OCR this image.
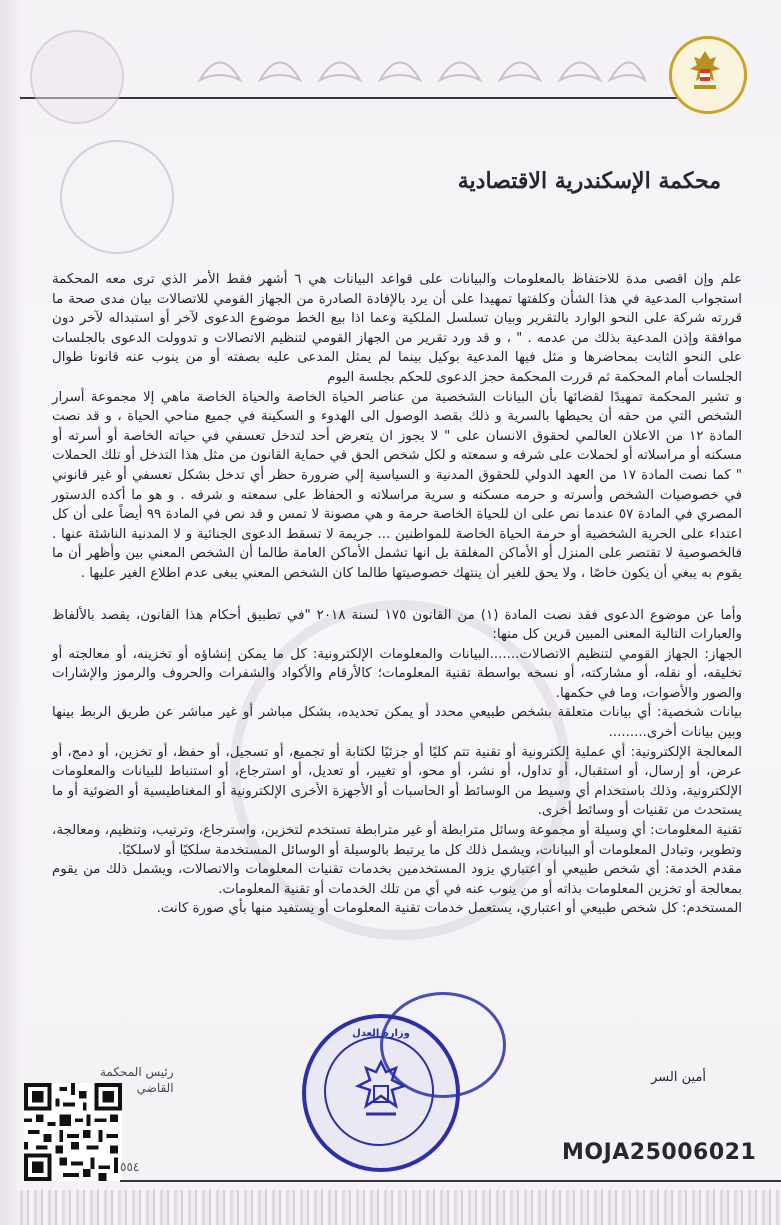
محكمة الإسكندرية الاقتصادية

علم وإن اقصى مدة للاحتفاظ بالمعلومات والبيانات على قواعد البيانات هي ٦ أشهر فقط الأمر الذي ترى معه المحكمة استجواب المدعية في هذا الشأن وكلفتها تمهيدا على أن يرد بالإفادة الصادرة من الجهاز القومي للاتصالات بيان مدى صحة ما قررته شركة على النحو الوارد بالتقرير وبيان تسلسل الملكية وعما اذا بيع الخط موضوع الدعوى لآخر أو استبداله لآخر دون موافقة وإذن المدعية بذلك من عدمه . " ، و قد ورد تقرير من الجهاز القومي لتنظيم الاتصالات و تدوولت الدعوى بالجلسات على النحو الثابت بمحاضرها و مثل فيها المدعية بوكيل بينما لم يمثل المدعى عليه بصفته أو من ينوب عنه قانونا طوال الجلسات أمام المحكمة ثم قررت المحكمة حجز الدعوى للحكم بجلسة اليوم

و تشير المحكمة تمهيدًا لقضائها بأن البيانات الشخصية من عناصر الحياة الخاصة والحياة الخاصة ماهي إلا مجموعة أسرار الشخص التي من حقه أن يحيطها بالسرية و ذلك بقصد الوصول الى الهدوء و السكينة في جميع مناحي الحياة ، و قد نصت المادة ١٢ من الاعلان العالمي لحقوق الانسان على " لا يجوز ان يتعرض أحد لتدخل تعسفي في حياته الخاصة أو أسرته أو مسكنه أو مراسلاته أو لحملات على شرفه و سمعته و لكل شخص الحق في حماية القانون من مثل هذا التدخل أو تلك الحملات " كما نصت المادة ١٧ من العهد الدولي للحقوق المدنية و السياسية إلي ضرورة حظر أي تدخل بشكل تعسفي أو غير قانوني في خصوصيات الشخص وأسرته و حرمه مسكنه و سرية مراسلاته و الحفاظ على سمعته و شرفه . و هو ما أكده الدستور المصري في المادة ٥٧ عندما نص على ان للحياة الخاصة حرمة و هي مصونة لا تمس و قد نص في المادة ٩٩ أيضاً على أن كل اعتداء على الحرية الشخصية أو حرمة الحياة الخاصة للمواطنين ... جريمة لا تسقط الدعوى الجنائية و لا المدنية الناشئة عنها . فالخصوصية لا تقتصر على المنزل أو الأماكن المغلقة بل انها تشمل الأماكن العامة طالما أن الشخص المعني بين وأظهر أن ما يقوم به يبغي أن يكون خاصًا ، ولا يحق للغير أن ينتهك خصوصيتها طالما كان الشخص المعني يبغى عدم اطلاع الغير عليها .

وأما عن موضوع الدعوى فقد نصت المادة (١) من القانون ١٧٥ لسنة ٢٠١٨ "في تطبيق أحكام هذا القانون، يقصد بالألفاظ والعبارات التالية المعنى المبين قرين كل منها:

الجهاز: الجهاز القومي لتنظيم الاتصالات.......البيانات والمعلومات الإلكترونية: كل ما يمكن إنشاؤه أو تخزينه، أو معالجته أو تخليقه، أو نقله، أو مشاركته، أو نسخه بواسطة تقنية المعلومات؛ كالأرقام والأكواد والشفرات والحروف والرموز والإشارات والصور والأصوات، وما في حكمها.

بيانات شخصية: أي بيانات متعلقة بشخص طبيعي محدد أو يمكن تحديده، بشكل مباشر أو غير مباشر عن طريق الربط بينها وبين بيانات أخرى.........

المعالجة الإلكترونية: أي عملية إلكترونية أو تقنية تتم كليًا أو جزئيًا لكتابة أو تجميع، أو تسجيل، أو حفظ، أو تخزين، أو دمج، أو عرض، أو إرسال، أو استقبال، أو تداول، أو نشر، أو محو، أو تغيير، أو تعديل، أو استرجاع، أو استنباط للبيانات والمعلومات الإلكترونية، وذلك باستخدام أي وسيط من الوسائط أو الحاسبات أو الأجهزة الأخرى الإلكترونية أو المغناطيسية أو الضوئية أو ما يستحدث من تقنيات أو وسائط أخرى.

تقنية المعلومات: أي وسيلة أو مجموعة وسائل مترابطة أو غير مترابطة تستخدم لتخزين، واسترجاع، وترتيب، وتنظيم، ومعالجة، وتطوير، وتبادل المعلومات أو البيانات، ويشمل ذلك كل ما يرتبط بالوسيلة أو الوسائل المستخدمة سلكيًا أو لاسلكيًا.

مقدم الخدمة: أي شخص طبيعي أو اعتباري يزود المستخدمين بخدمات تقنيات المعلومات والاتصالات، ويشمل ذلك من يقوم بمعالجة أو تخزين المعلومات بذاته أو من ينوب عنه في أي من تلك الخدمات أو تقنية المعلومات.

المستخدم: كل شخص طبيعي أو اعتباري، يستعمل خدمات تقنية المعلومات أو يستفيد منها بأي صورة كانت.

أمين السر
رئيس المحكمة
القاضي
وزارة العدل
٥٥٤
MOJA25006021
